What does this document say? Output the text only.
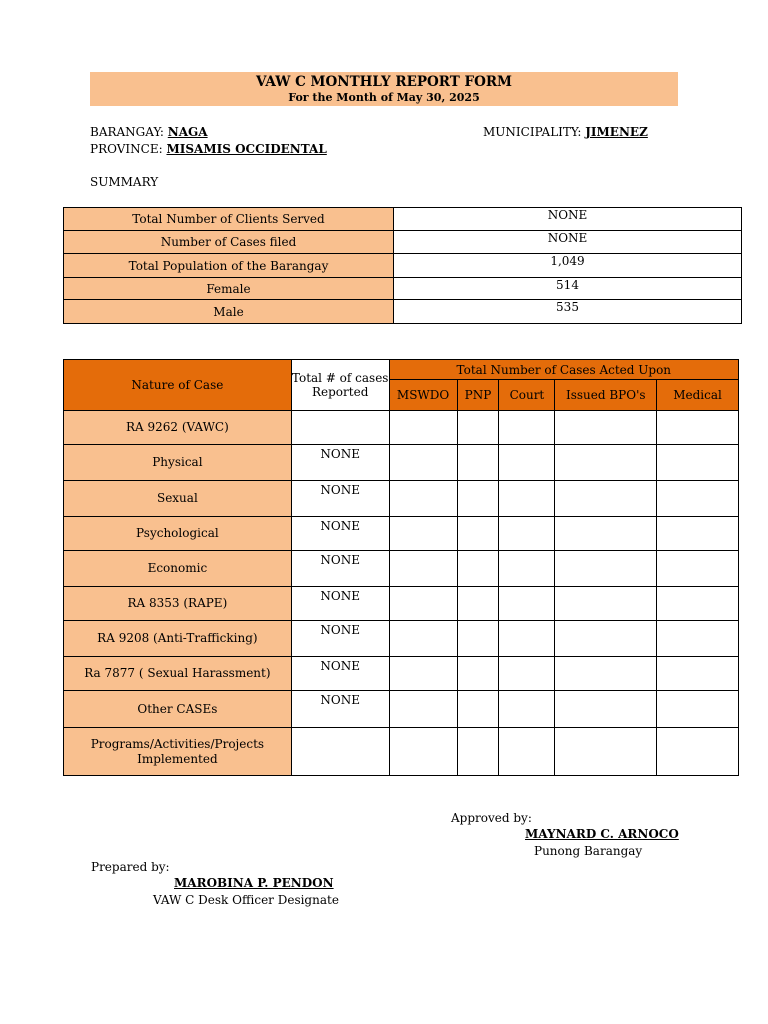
VAW C MONTHLY REPORT FORM
For the Month of May 30, 2025
BARANGAY: NAGA	MUNICIPALITY: JIMENEZ
PROVINCE: MISAMIS OCCIDENTAL
SUMMARY
Total Number of Clients Served	NONE
Number of Cases filed	NONE
Total Population of the Barangay	1,049
Female	514
Male	535
Nature of Case	Total # of cases Reported	Total Number of Cases Acted Upon				
		MSWDO	PNP	Court	Issued BPO's	Medical
RA 9262 (VAWC)						
Physical	NONE					
Sexual	NONE					
Psychological	NONE					
Economic	NONE					
RA 8353 (RAPE)	NONE					
RA 9208 (Anti-Trafficking)	NONE					
Ra 7877 ( Sexual Harassment)	NONE					
Other CASEs	NONE					
Programs/Activities/Projects Implemented						
Approved by:
MAYNARD C. ARNOCO
Punong Barangay
Prepared by:
MAROBINA P. PENDON
VAW C Desk Officer Designate
